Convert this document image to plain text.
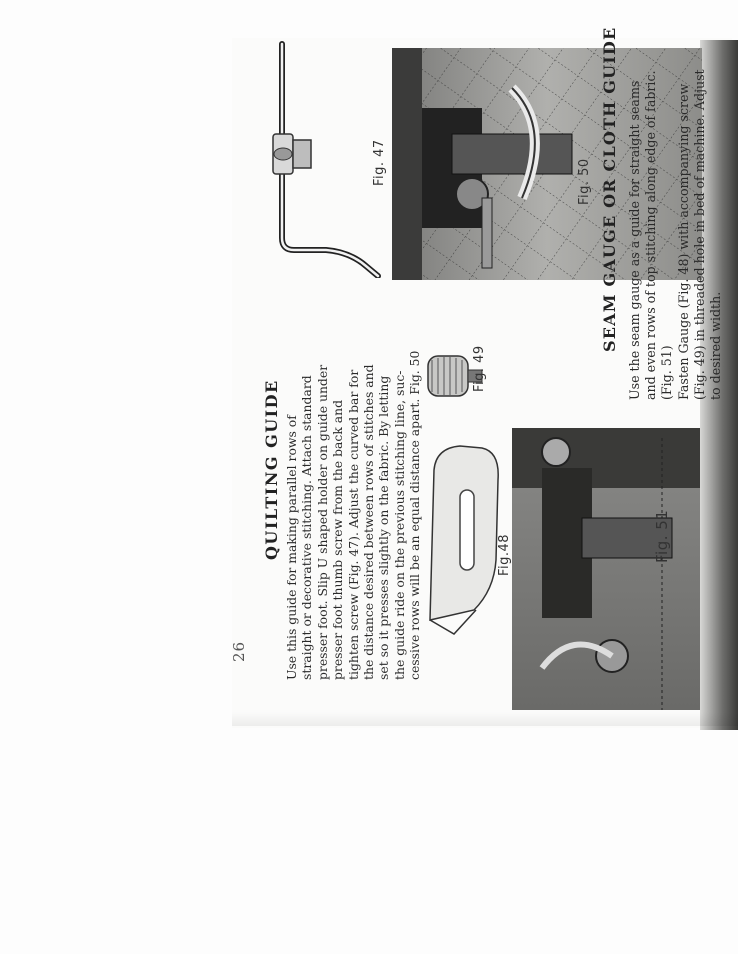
26
QUILTING GUIDE Use this guide for making parallel rows of straight or decorative stitching. Attach standard presser foot. Slip U shaped holder on guide under presser foot thumb screw from the back and tighten screw (Fig. 47). Adjust the curved bar for the distance desired between rows of stitches and set so it presses slightly on the fabric. By letting the guide ride on the previous stitching line, suc- cessive rows will be an equal distance apart. Fig. 50
SEAM GAUGE OR CLOTH GUIDE Use the seam gauge as a guide for straight seams and even rows of top stitching along edge of fabric. (Fig. 51) Fasten Gauge (Fig. 48) with accompanying screw (Fig. 49) in threaded hole in bed of machine. Adjust to desired width.
Fig. 47
Fig.48
Fig. 49
Fig. 50
Fig. 51
